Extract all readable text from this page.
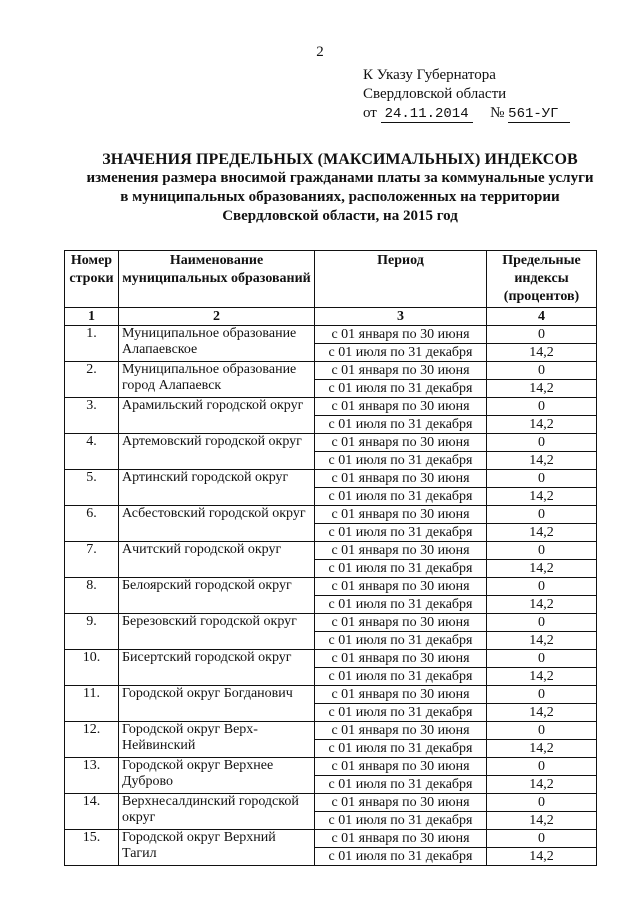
2
К Указу Губернатора
Свердловской области
от 24.11.2014 № 561-УГ
ЗНАЧЕНИЯ ПРЕДЕЛЬНЫХ (МАКСИМАЛЬНЫХ) ИНДЕКСОВ
изменения размера вносимой гражданами платы за коммунальные услуги
в муниципальных образованиях, расположенных на территории
Свердловской области, на 2015 год
Номер строки	Наименование муниципальных образований	Период	Предельные индексы (процентов)
1	2	3	4
1.	Муниципальное образование Алапаевское	с 01 января по 30 июня	0
		с 01 июля по 31 декабря	14,2
2.	Муниципальное образование город Алапаевск	с 01 января по 30 июня	0
		с 01 июля по 31 декабря	14,2
3.	Арамильский городской округ	с 01 января по 30 июня	0
		с 01 июля по 31 декабря	14,2
4.	Артемовский городской округ	с 01 января по 30 июня	0
		с 01 июля по 31 декабря	14,2
5.	Артинский городской округ	с 01 января по 30 июня	0
		с 01 июля по 31 декабря	14,2
6.	Асбестовский городской округ	с 01 января по 30 июня	0
		с 01 июля по 31 декабря	14,2
7.	Ачитский городской округ	с 01 января по 30 июня	0
		с 01 июля по 31 декабря	14,2
8.	Белоярский городской округ	с 01 января по 30 июня	0
		с 01 июля по 31 декабря	14,2
9.	Березовский городской округ	с 01 января по 30 июня	0
		с 01 июля по 31 декабря	14,2
10.	Бисертский городской округ	с 01 января по 30 июня	0
		с 01 июля по 31 декабря	14,2
11.	Городской округ Богданович	с 01 января по 30 июня	0
		с 01 июля по 31 декабря	14,2
12.	Городской округ Верх-Нейвинский	с 01 января по 30 июня	0
		с 01 июля по 31 декабря	14,2
13.	Городской округ Верхнее Дуброво	с 01 января по 30 июня	0
		с 01 июля по 31 декабря	14,2
14.	Верхнесалдинский городской округ	с 01 января по 30 июня	0
		с 01 июля по 31 декабря	14,2
15.	Городской округ Верхний Тагил	с 01 января по 30 июня	0
		с 01 июля по 31 декабря	14,2
